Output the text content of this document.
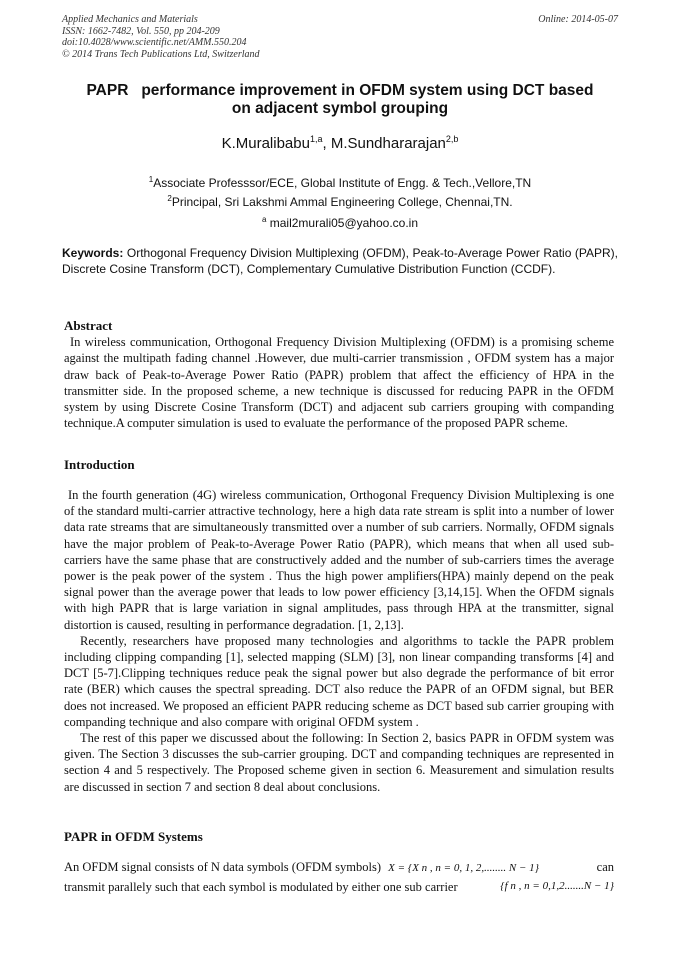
Applied Mechanics and Materials
ISSN: 1662-7482, Vol. 550, pp 204-209
doi:10.4028/www.scientific.net/AMM.550.204
© 2014 Trans Tech Publications Ltd, Switzerland
Online: 2014-05-07
PAPR   performance improvement in OFDM system using DCT based
on adjacent symbol grouping
K.Muralibabu$^{1,a}$, M.Sundhararajan$^{2,b}$
$^1$Associate Professsor/ECE, Global Institute of Engg. & Tech.,Vellore,TN
$^2$Principal, Sri Lakshmi Ammal Engineering College, Chennai,TN.
$^a$ mail2murali05@yahoo.co.in
Keywords: Orthogonal Frequency Division Multiplexing (OFDM), Peak-to-Average Power Ratio (PAPR), Discrete Cosine Transform (DCT), Complementary Cumulative Distribution Function (CCDF).
Abstract

In wireless communication, Orthogonal Frequency Division Multiplexing (OFDM) is a promising scheme against the multipath fading channel .However, due multi-carrier transmission , OFDM system has a major draw back of Peak-to-Average Power Ratio (PAPR) problem that affect the efficiency of HPA in the transmitter side. In the proposed scheme, a new technique is discussed for reducing PAPR in the OFDM system by using Discrete Cosine Transform (DCT) and adjacent sub carriers grouping with companding technique.A computer simulation is used to evaluate the performance of the proposed PAPR scheme.

Introduction

In the fourth generation (4G) wireless communication, Orthogonal Frequency Division Multiplexing is one of the standard multi-carrier attractive technology, here a high data rate stream is split into a number of lower data rate streams that are simultaneously transmitted over a number of sub carriers. Normally, OFDM signals have the major problem of Peak-to-Average Power Ratio (PAPR), which means that when all used sub-carriers have the same phase that are constructively added and the number of sub-carriers times the average power is the peak power of the system . Thus the high power amplifiers(HPA) mainly depend on the peak signal power than the average power that leads to low power efficiency [3,14,15]. When the OFDM signals with high PAPR that is large variation in signal amplitudes, pass through HPA at the transmitter, signal distortion is caused, resulting in performance degradation. [1, 2,13].

Recently, researchers have proposed many technologies and algorithms to tackle the PAPR problem including clipping companding [1], selected mapping (SLM) [3], non linear companding transforms [4] and DCT [5-7].Clipping techniques reduce peak the signal power but also degrade the performance of bit error rate (BER) which causes the spectral spreading. DCT also reduce the PAPR of an OFDM signal, but BER does not increased. We proposed an efficient PAPR reducing scheme as DCT based sub carrier grouping with companding technique and also compare with original OFDM system .

The rest of this paper we discussed about the following: In Section 2, basics PAPR in OFDM system was given. The Section 3 discusses the sub-carrier grouping. DCT and companding techniques are represented in section 4 and 5 respectively. The Proposed scheme given in section 6. Measurement and simulation results are discussed in section 7 and section 8 deal about conclusions.

PAPR in OFDM Systems
An OFDM signal consists of N data symbols (OFDM symbols) X = {X n , n = 0, 1, 2,........ N − 1}	can
transmit parallely such that each symbol is modulated by either one sub carrier	{f n , n = 0,1,2.......N − 1}
